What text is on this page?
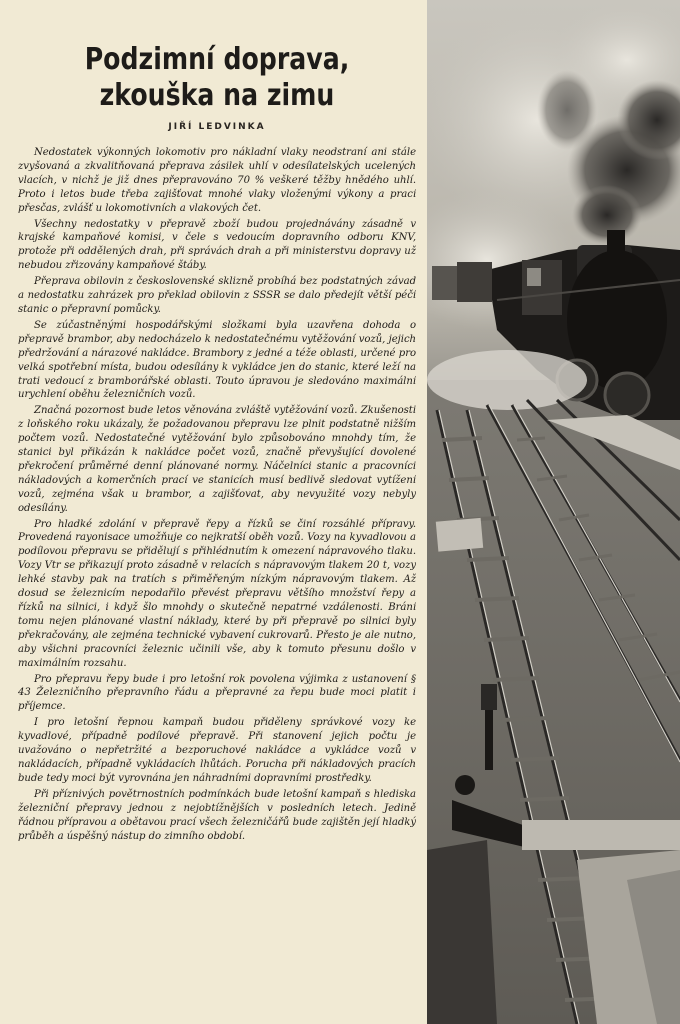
Podzimní doprava,
zkouška na zimu
JIŘÍ LEDVINKA

Nedostatek výkonných lokomotiv pro nákladní vlaky neodstraní ani stále zvyšovaná a zkvalitňovaná přeprava zásilek uhlí v odesílatelských ucelených vlacích, v nichž je již dnes přepravováno 70 % veškeré těžby hnědého uhlí. Proto i letos bude třeba zajišťovat mnohé vlaky vloženými výkony a prací přesčas, zvlášť u lokomotivních a vlakových čet.

Všechny nedostatky v přepravě zboží budou projednávány zásadně v krajské kampaňové komisi, v čele s vedoucím dopravního odboru KNV, protože při oddělených drah, při správách drah a při ministerstvu dopravy už nebudou zřizovány kampaňové štáby.

Přeprava obilovin z československé sklizně probíhá bez podstatných závad a nedostatku zahrázek pro překlad obilovin z SSSR se dalo předejít větší péčí stanic o přepravní pomůcky.

Se zúčastněnými hospodářskými složkami byla uzavřena dohoda o přepravě brambor, aby nedocházelo k nedostatečnému vytěžování vozů, jejich předržování a nárazové nakládce. Brambory z jedné a téže oblasti, určené pro velká spotřební místa, budou odesílány k vykládce jen do stanic, které leží na trati vedoucí z bramborářské oblasti. Touto úpravou je sledováno maximální urychlení oběhu železničních vozů.

Značná pozornost bude letos věnována zvláště vytěžování vozů. Zkušenosti z loňského roku ukázaly, že požadovanou přepravu lze plnit podstatně nižším počtem vozů. Nedostatečné vytěžování bylo způsobováno mnohdy tím, že stanici byl přikázán k nakládce počet vozů, značně převyšující dovolené překročení průměrné denní plánované normy. Náčelníci stanic a pracovníci nákladových a komerčních prací ve stanicích musí bedlivě sledovat vytížení vozů, zejména však u brambor, a zajišťovat, aby nevyužité vozy nebyly odesílány.

Pro hladké zdolání v přepravě řepy a řízků se činí rozsáhlé přípravy. Provedená rayonisace umožňuje co nejkratší oběh vozů. Vozy na kyvadlovou a podílovou přepravu se přidělují s přihlédnutím k omezení nápravového tlaku. Vozy Vtr se přikazují proto zásadně v relacích s nápravovým tlakem 20 t, vozy lehké stavby pak na tratích s přiměřeným nízkým nápravovým tlakem. Až dosud se železnicím nepodařilo převést přepravu většího množství řepy a řízků na silnici, i když šlo mnohdy o skutečně nepatrné vzdálenosti. Brání tomu nejen plánované vlastní náklady, které by při přepravě po silnici byly překračovány, ale zejména technické vybavení cukrovarů. Přesto je ale nutno, aby všichni pracovníci železnic učinili vše, aby k tomuto přesunu došlo v maximálním rozsahu.

Pro přepravu řepy bude i pro letošní rok povolena výjimka z ustanovení § 43 Železničního přepravního řádu a přepravné za řepu bude moci platit i příjemce.

I pro letošní řepnou kampaň budou přiděleny správkové vozy ke kyvadlové, případně podílové přepravě. Při stanovení jejich počtu je uvažováno o nepřetržité a bezporuchové nakládce a vykládce vozů v nakládacích, případně vykládacích lhůtách. Porucha při nákladových pracích bude tedy moci být vyrovnána jen náhradními dopravními prostředky.

Při příznivých povětrnostních podmínkách bude letošní kampaň s hlediska železniční přepravy jednou z nejobtížnějších v posledních letech. Jedině řádnou přípravou a obětavou prací všech železničářů bude zajištěn její hladký průběh a úspěšný nástup do zimního období.
